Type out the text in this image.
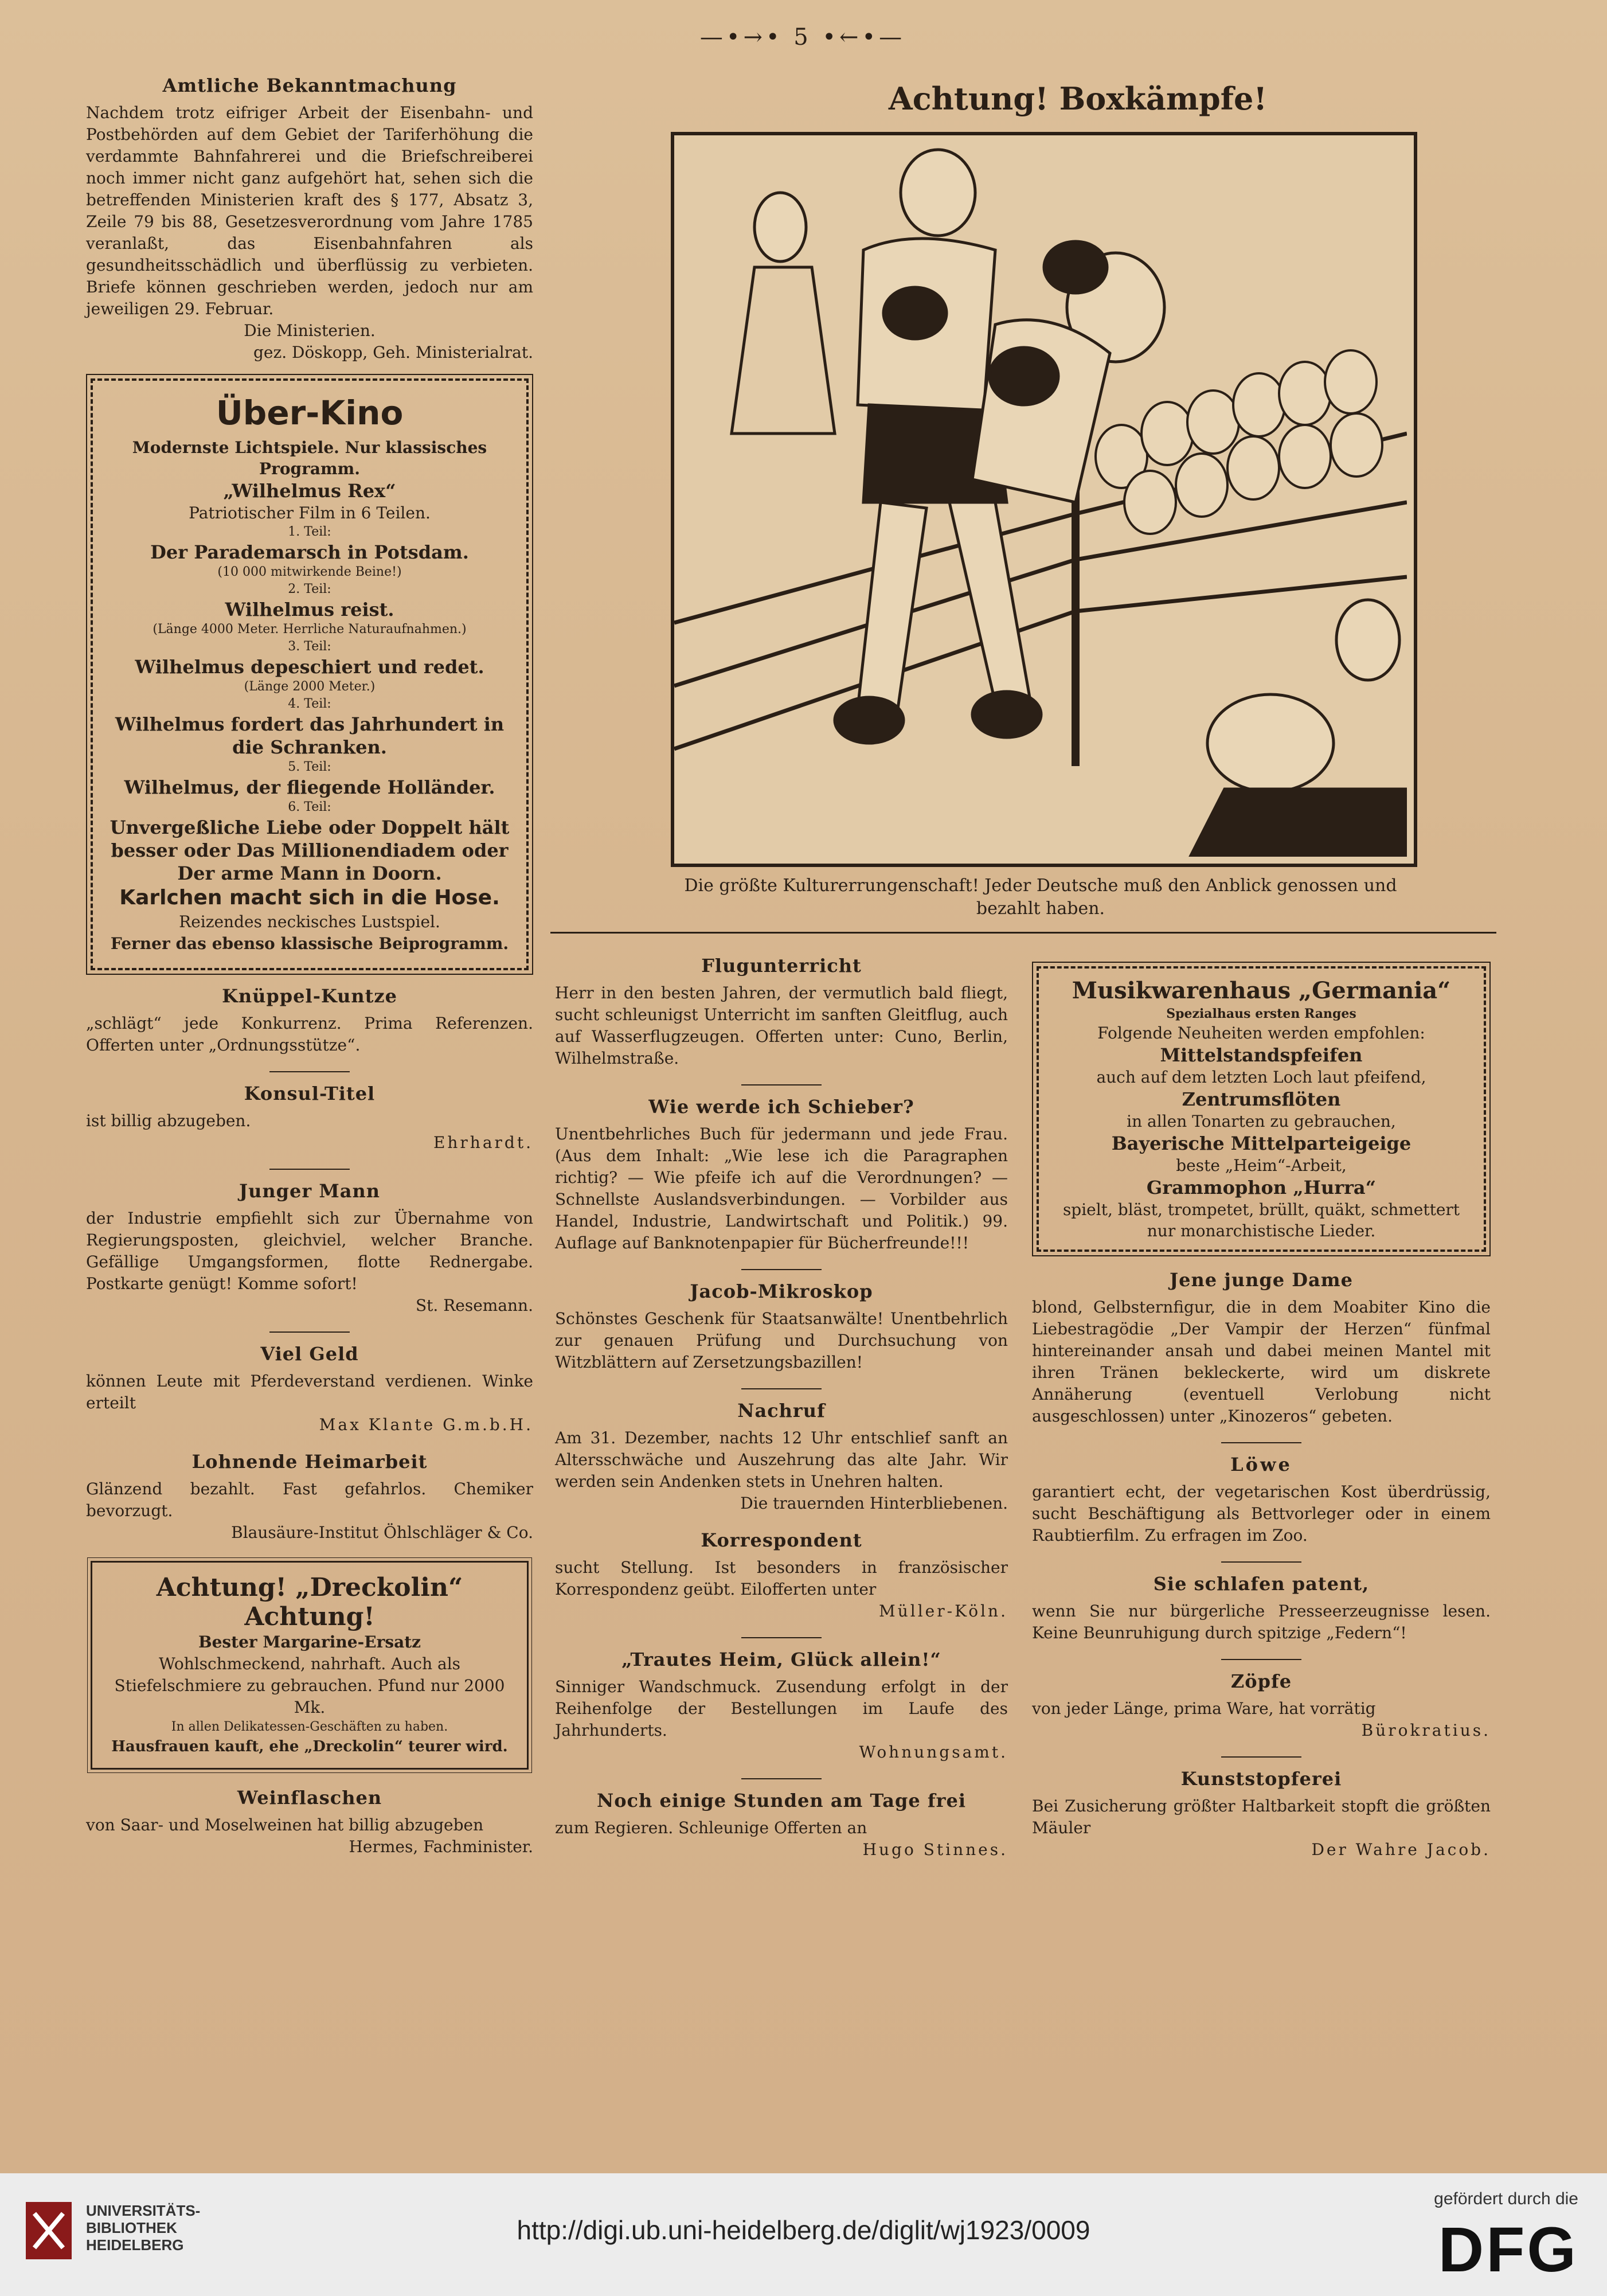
—•→• 5 •←•—
Amtliche Bekanntmachung

Nachdem trotz eifriger Arbeit der Eisenbahn- und Postbehörden auf dem Gebiet der Tariferhöhung die verdammte Bahnfahrerei und die Briefschreiberei noch immer nicht ganz aufgehört hat, sehen sich die betreffenden Ministerien kraft des § 177, Absatz 3, Zeile 79 bis 88, Gesetzesverordnung vom Jahre 1785 veranlaßt, das Eisenbahnfahren als gesundheitsschädlich und überflüssig zu verbieten. Briefe können geschrieben werden, jedoch nur am jeweiligen 29. Februar.

Die Ministerien.
gez. Döskopp, Geh. Ministerialrat.
Über-Kino
Modernste Lichtspiele. Nur klassisches Programm.
„Wilhelmus Rex“
Patriotischer Film in 6 Teilen.
1. Teil:
Der Parademarsch in Potsdam.
(10 000 mitwirkende Beine!)
2. Teil:
Wilhelmus reist.
(Länge 4000 Meter. Herrliche Naturaufnahmen.)
3. Teil:
Wilhelmus depeschiert und redet.
(Länge 2000 Meter.)
4. Teil:
Wilhelmus fordert das Jahrhundert in die Schranken.
5. Teil:
Wilhelmus, der fliegende Holländer.
6. Teil:
Unvergeßliche Liebe oder Doppelt hält besser oder Das Millionendiadem oder Der arme Mann in Doorn.
Karlchen macht sich in die Hose.
Reizendes neckisches Lustspiel.
Ferner das ebenso klassische Beiprogramm.
Knüppel-Kuntze

„schlägt“ jede Konkurrenz. Prima Referenzen. Offerten unter „Ordnungsstütze“.

Konsul-Titel

ist billig abzugeben.

Ehrhardt.
Junger Mann

der Industrie empfiehlt sich zur Übernahme von Regierungsposten, gleichviel, welcher Branche. Gefällige Umgangsformen, flotte Rednergabe. Postkarte genügt! Komme sofort!

St. Resemann.
Viel Geld

können Leute mit Pferdeverstand verdienen. Winke erteilt

Max Klante G.m.b.H.
Lohnende Heimarbeit

Glänzend bezahlt. Fast gefahrlos. Chemiker bevorzugt.

Blausäure-Institut Öhlschläger & Co.
Achtung! „Dreckolin“ Achtung!
Bester Margarine-Ersatz
Wohlschmeckend, nahrhaft. Auch als Stiefelschmiere zu gebrauchen. Pfund nur 2000 Mk.
In allen Delikatessen-Geschäften zu haben.
Hausfrauen kauft, ehe „Dreckolin“ teurer wird.
Weinflaschen

von Saar- und Moselweinen hat billig abzugeben

Hermes, Fachminister.
Achtung! Boxkämpfe!
Die größte Kulturerrungenschaft! Jeder Deutsche muß den Anblick genossen und bezahlt haben.
Flugunterricht

Herr in den besten Jahren, der vermutlich bald fliegt, sucht schleunigst Unterricht im sanften Gleitflug, auch auf Wasserflugzeugen. Offerten unter: Cuno, Berlin, Wilhelmstraße.

Wie werde ich Schieber?

Unentbehrliches Buch für jedermann und jede Frau. (Aus dem Inhalt: „Wie lese ich die Paragraphen richtig? — Wie pfeife ich auf die Verordnungen? — Schnellste Auslandsverbindungen. — Vorbilder aus Handel, Industrie, Landwirtschaft und Politik.) 99. Auflage auf Banknotenpapier für Bücherfreunde!!!

Jacob-Mikroskop

Schönstes Geschenk für Staatsanwälte! Unentbehrlich zur genauen Prüfung und Durchsuchung von Witzblättern auf Zersetzungsbazillen!

Nachruf

Am 31. Dezember, nachts 12 Uhr entschlief sanft an Altersschwäche und Auszehrung das alte Jahr. Wir werden sein Andenken stets in Unehren halten.

Die trauernden Hinterbliebenen.
Korrespondent

sucht Stellung. Ist besonders in französischer Korrespondenz geübt. Eilofferten unter

Müller-Köln.
„Trautes Heim, Glück allein!“

Sinniger Wandschmuck. Zusendung erfolgt in der Reihenfolge der Bestellungen im Laufe des Jahrhunderts.

Wohnungsamt.
Noch einige Stunden am Tage frei

zum Regieren. Schleunige Offerten an

Hugo Stinnes.
Musikwarenhaus „Germania“
Spezialhaus ersten Ranges
Folgende Neuheiten werden empfohlen:
Mittelstandspfeifen
auch auf dem letzten Loch laut pfeifend,
Zentrumsflöten
in allen Tonarten zu gebrauchen,
Bayerische Mittelparteigeige
beste „Heim“-Arbeit,
Grammophon „Hurra“
spielt, bläst, trompetet, brüllt, quäkt, schmettert nur monarchistische Lieder.
Jene junge Dame

blond, Gelbsternfigur, die in dem Moabiter Kino die Liebestragödie „Der Vampir der Herzen“ fünfmal hintereinander ansah und dabei meinen Mantel mit ihren Tränen bekleckerte, wird um diskrete Annäherung (eventuell Verlobung nicht ausgeschlossen) unter „Kinozeros“ gebeten.

Löwe

garantiert echt, der vegetarischen Kost überdrüssig, sucht Beschäftigung als Bettvorleger oder in einem Raubtierfilm. Zu erfragen im Zoo.

Sie schlafen patent,

wenn Sie nur bürgerliche Presseerzeugnisse lesen. Keine Beunruhigung durch spitzige „Federn“!

Zöpfe

von jeder Länge, prima Ware, hat vorrätig

Bürokratius.
Kunststopferei

Bei Zusicherung größter Haltbarkeit stopft die größten Mäuler

Der Wahre Jacob.
UNIVERSITÄTS-
BIBLIOTHEK
HEIDELBERG	http://digi.ub.uni-heidelberg.de/diglit/wj1923/0009
gefördert durch die
DFG
